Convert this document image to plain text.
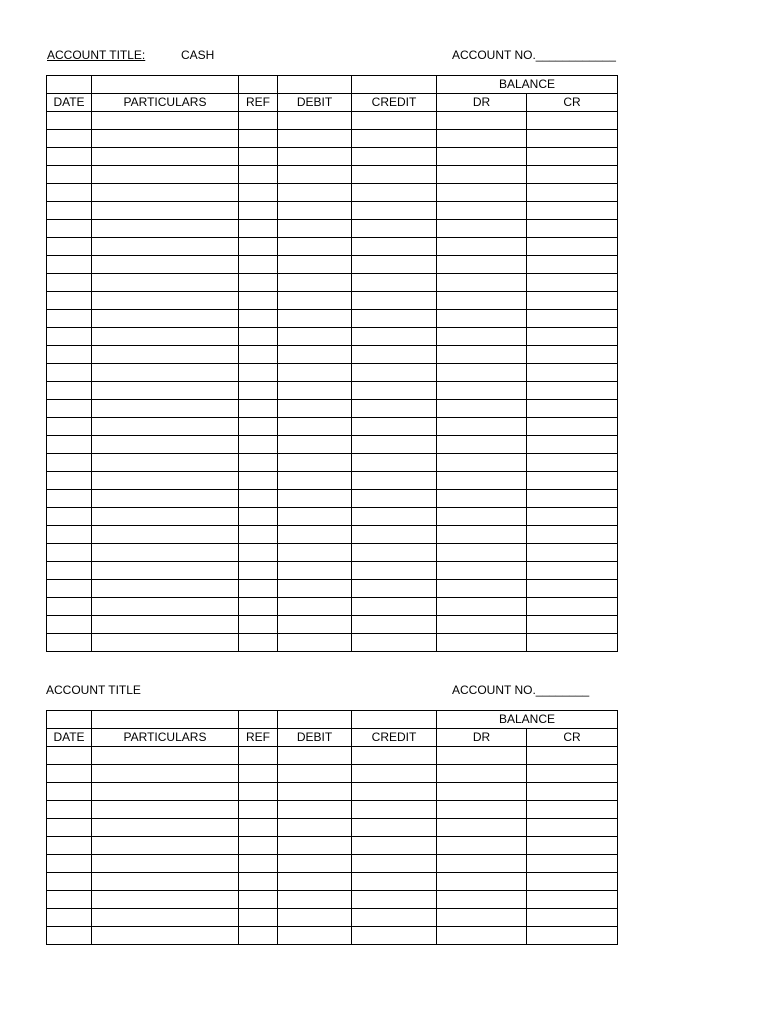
ACCOUNT TITLE:	CASH	ACCOUNT NO.____________
					BALANCE	
DATE	PARTICULARS	REF	DEBIT	CREDIT	DR	CR

ACCOUNT TITLE	ACCOUNT NO.________
					BALANCE	
DATE	PARTICULARS	REF	DEBIT	CREDIT	DR	CR
